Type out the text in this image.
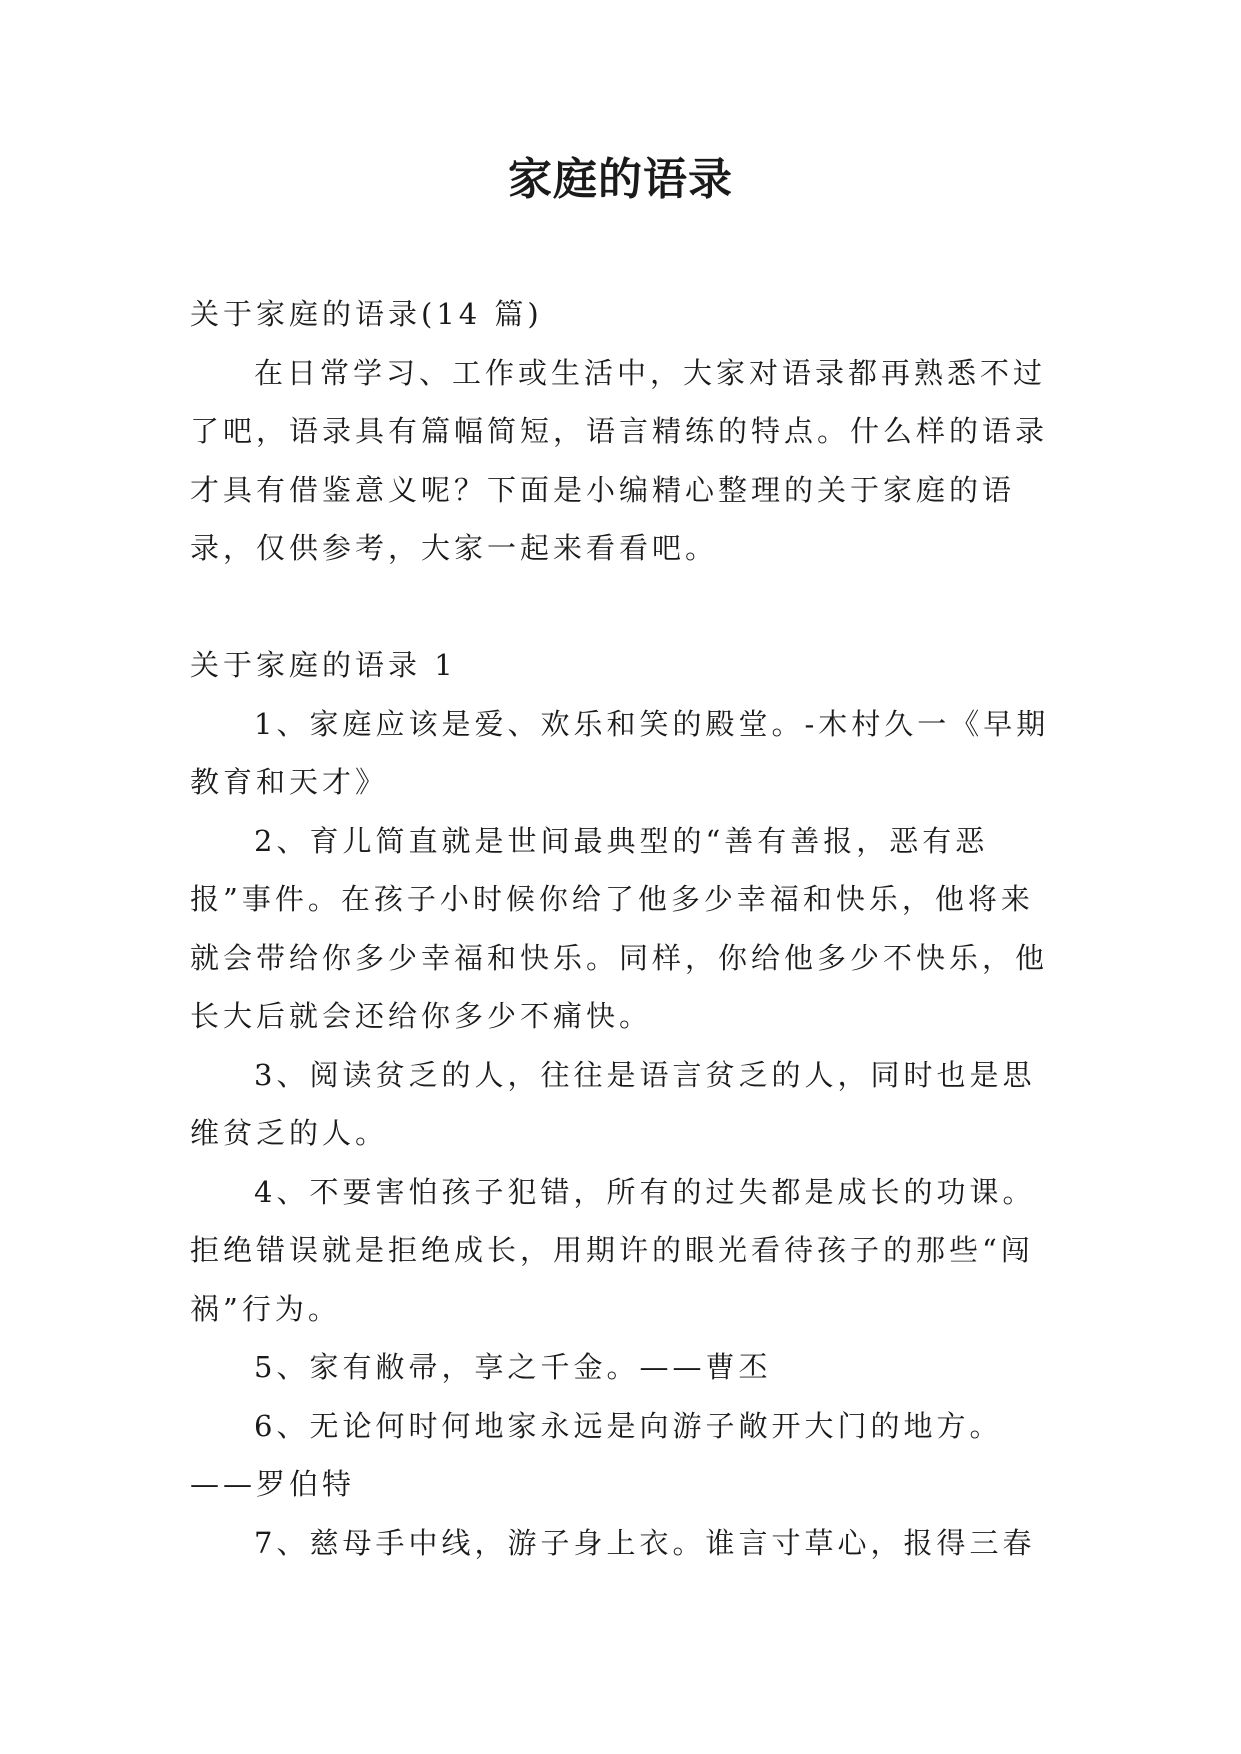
家庭的语录

关于家庭的语录(14 篇)

在日常学习、工作或生活中，大家对语录都再熟悉不过了吧，语录具有篇幅简短，语言精练的特点。什么样的语录才具有借鉴意义呢？下面是小编精心整理的关于家庭的语录，仅供参考，大家一起来看看吧。

关于家庭的语录 1

1、家庭应该是爱、欢乐和笑的殿堂。-木村久一《早期教育和天才》

2、育儿简直就是世间最典型的“善有善报，恶有恶报”事件。在孩子小时候你给了他多少幸福和快乐，他将来就会带给你多少幸福和快乐。同样，你给他多少不快乐，他长大后就会还给你多少不痛快。

3、阅读贫乏的人，往往是语言贫乏的人，同时也是思维贫乏的人。

4、不要害怕孩子犯错，所有的过失都是成长的功课。拒绝错误就是拒绝成长，用期许的眼光看待孩子的那些“闯祸”行为。

5、家有敝帚，享之千金。——曹丕

6、无论何时何地家永远是向游子敞开大门的地方。——罗伯特

7、慈母手中线，游子身上衣。谁言寸草心，报得三春
